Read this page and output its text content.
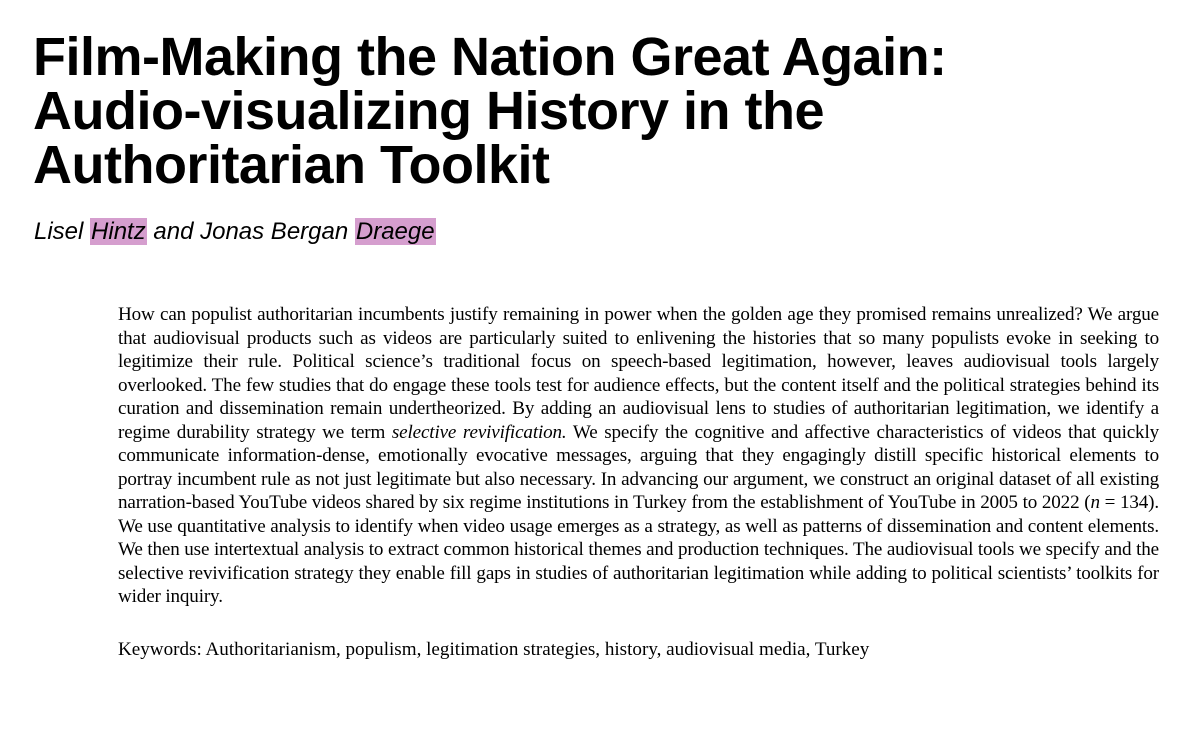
Film-Making the Nation Great Again:
Audio-visualizing History in the
Authoritarian Toolkit

Lisel Hintz and Jonas Bergan Draege

How can populist authoritarian incumbents justify remaining in power when the golden age they promised remains unrealized? We argue that audiovisual products such as videos are particularly suited to enlivening the histories that so many populists evoke in seeking to legitimize their rule. Political science’s traditional focus on speech-based legitimation, however, leaves audiovisual tools largely overlooked. The few studies that do engage these tools test for audience effects, but the content itself and the political strategies behind its curation and dissemination remain undertheorized. By adding an audiovisual lens to studies of authoritarian legitimation, we identify a regime durability strategy we term selective revivification. We specify the cognitive and affective characteristics of videos that quickly communicate information-dense, emotionally evocative messages, arguing that they engagingly distill specific historical elements to portray incumbent rule as not just legitimate but also necessary. In advancing our argument, we construct an original dataset of all existing narration-based YouTube videos shared by six regime institutions in Turkey from the establishment of YouTube in 2005 to 2022 (n = 134). We use quantitative analysis to identify when video usage emerges as a strategy, as well as patterns of dissemination and content elements. We then use intertextual analysis to extract common historical themes and production techniques. The audiovisual tools we specify and the selective revivification strategy they enable fill gaps in studies of authoritarian legitimation while adding to political scientists’ toolkits for wider inquiry.

Keywords: Authoritarianism, populism, legitimation strategies, history, audiovisual media, Turkey
